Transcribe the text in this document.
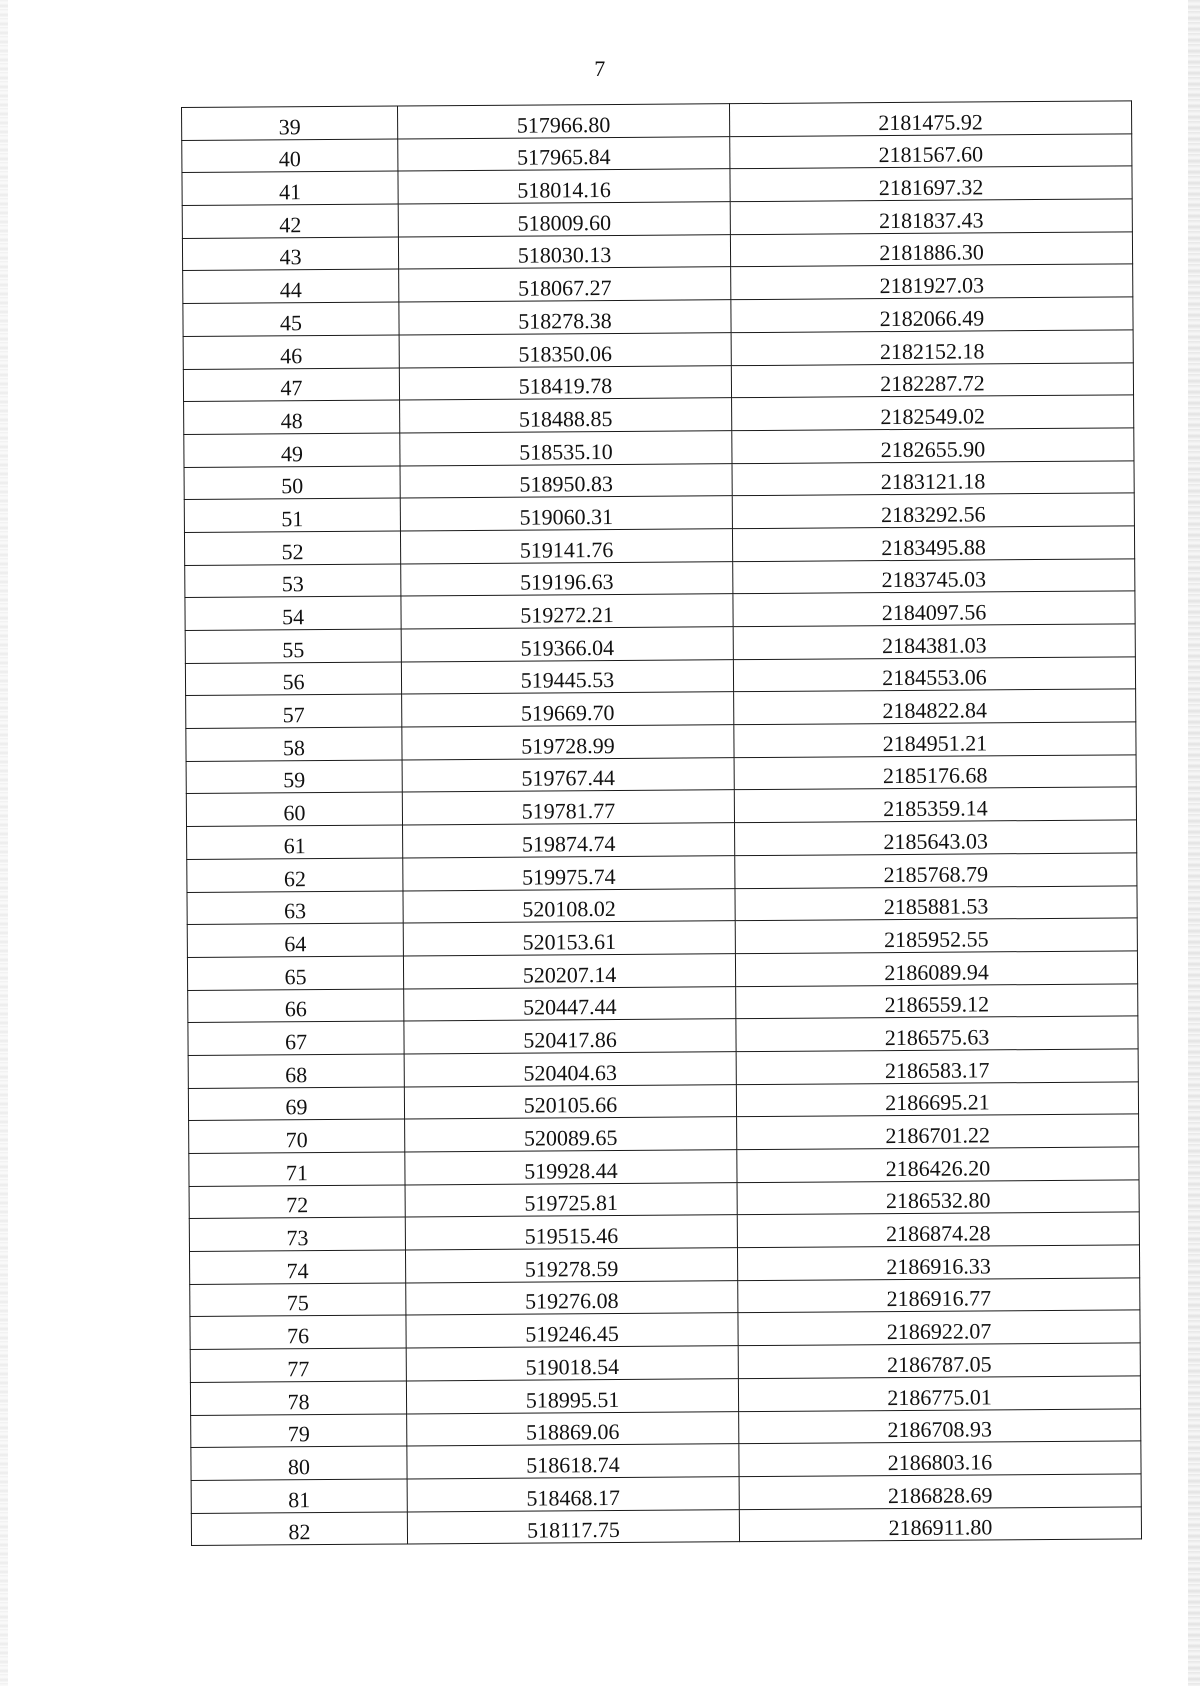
7
39	517966.80	2181475.92
40	517965.84	2181567.60
41	518014.16	2181697.32
42	518009.60	2181837.43
43	518030.13	2181886.30
44	518067.27	2181927.03
45	518278.38	2182066.49
46	518350.06	2182152.18
47	518419.78	2182287.72
48	518488.85	2182549.02
49	518535.10	2182655.90
50	518950.83	2183121.18
51	519060.31	2183292.56
52	519141.76	2183495.88
53	519196.63	2183745.03
54	519272.21	2184097.56
55	519366.04	2184381.03
56	519445.53	2184553.06
57	519669.70	2184822.84
58	519728.99	2184951.21
59	519767.44	2185176.68
60	519781.77	2185359.14
61	519874.74	2185643.03
62	519975.74	2185768.79
63	520108.02	2185881.53
64	520153.61	2185952.55
65	520207.14	2186089.94
66	520447.44	2186559.12
67	520417.86	2186575.63
68	520404.63	2186583.17
69	520105.66	2186695.21
70	520089.65	2186701.22
71	519928.44	2186426.20
72	519725.81	2186532.80
73	519515.46	2186874.28
74	519278.59	2186916.33
75	519276.08	2186916.77
76	519246.45	2186922.07
77	519018.54	2186787.05
78	518995.51	2186775.01
79	518869.06	2186708.93
80	518618.74	2186803.16
81	518468.17	2186828.69
82	518117.75	2186911.80
